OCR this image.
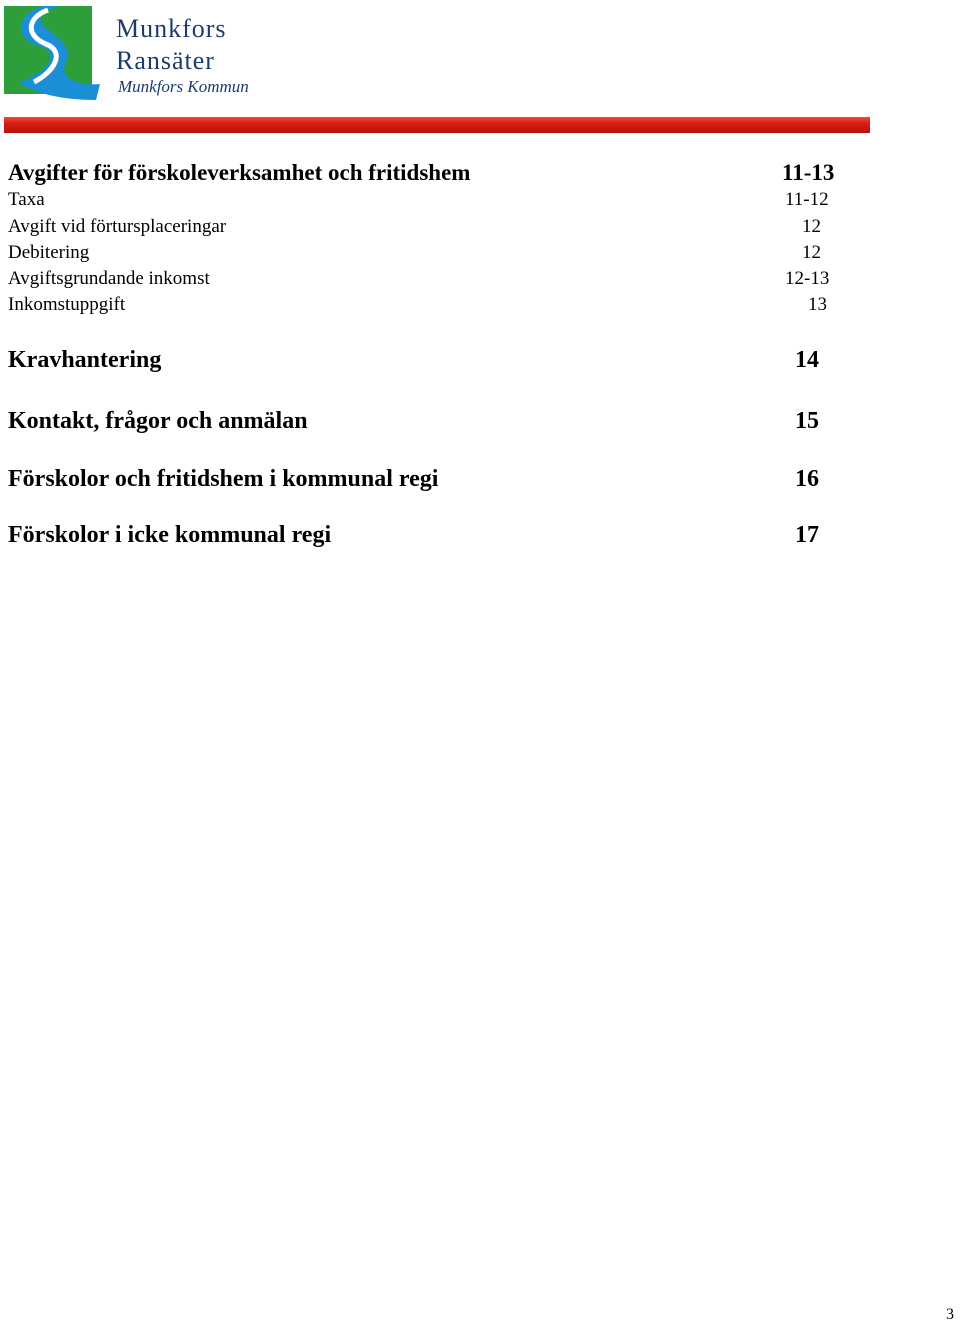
Munkfors
Ransäter
Munkfors Kommun
Avgifter för förskoleverksamhet och fritidshem	11-13
Taxa	11-12
Avgift vid förtursplaceringar	12
Debitering	12
Avgiftsgrundande inkomst	12-13
Inkomstuppgift	13
Kravhantering	14
Kontakt, frågor och anmälan	15
Förskolor och fritidshem i kommunal regi	16
Förskolor i icke kommunal regi	17
3
